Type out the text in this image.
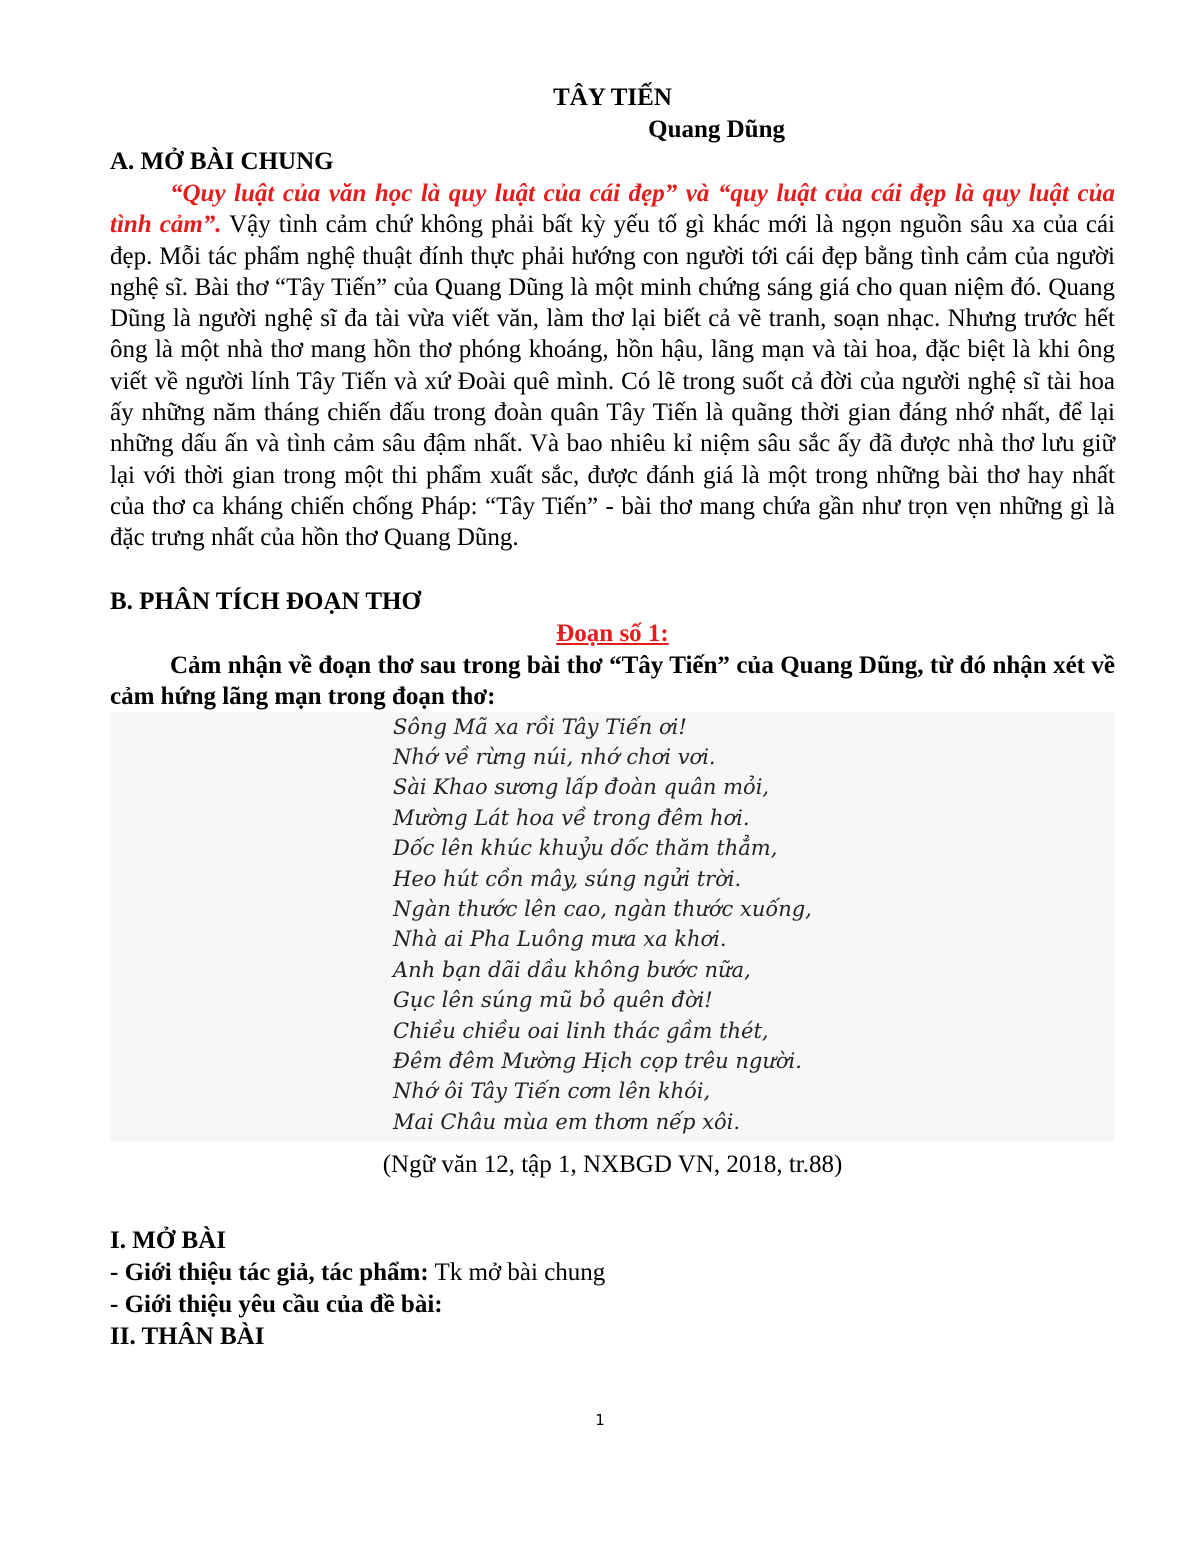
TÂY TIẾN

Quang Dũng

A. MỞ BÀI CHUNG

“Quy luật của văn học là quy luật của cái đẹp” và “quy luật của cái đẹp là quy luật của tình cảm”. Vậy tình cảm chứ không phải bất kỳ yếu tố gì khác mới là ngọn nguồn sâu xa của cái đẹp. Mỗi tác phẩm nghệ thuật đính thực phải hướng con người tới cái đẹp bằng tình cảm của người nghệ sĩ. Bài thơ “Tây Tiến” của Quang Dũng là một minh chứng sáng giá cho quan niệm đó. Quang Dũng là người nghệ sĩ đa tài vừa viết văn, làm thơ lại biết cả vẽ tranh, soạn nhạc. Nhưng trước hết ông là một nhà thơ mang hồn thơ phóng khoáng, hồn hậu, lãng mạn và tài hoa, đặc biệt là khi ông viết về người lính Tây Tiến và xứ Đoài quê mình. Có lẽ trong suốt cả đời của người nghệ sĩ tài hoa ấy những năm tháng chiến đấu trong đoàn quân Tây Tiến là quãng thời gian đáng nhớ nhất, để lại những dấu ấn và tình cảm sâu đậm nhất. Và bao nhiêu kỉ niệm sâu sắc ấy đã được nhà thơ lưu giữ lại với thời gian trong một thi phẩm xuất sắc, được đánh giá là một trong những bài thơ hay nhất của thơ ca kháng chiến chống Pháp: “Tây Tiến” - bài thơ mang chứa gần như trọn vẹn những gì là đặc trưng nhất của hồn thơ Quang Dũng.

B. PHÂN TÍCH ĐOẠN THƠ

Đoạn số 1:

Cảm nhận về đoạn thơ sau trong bài thơ “Tây Tiến” của Quang Dũng, từ đó nhận xét về cảm hứng lãng mạn trong đoạn thơ:

Sông Mã xa rồi Tây Tiến ơi!
Nhớ về rừng núi, nhớ chơi vơi.
Sài Khao sương lấp đoàn quân mỏi,
Mường Lát hoa về trong đêm hơi.
Dốc lên khúc khuỷu dốc thăm thẳm,
Heo hút cồn mây, súng ngửi trời.
Ngàn thước lên cao, ngàn thước xuống,
Nhà ai Pha Luông mưa xa khơi.
Anh bạn dãi dầu không bước nữa,
Gục lên súng mũ bỏ quên đời!
Chiều chiều oai linh thác gầm thét,
Đêm đêm Mường Hịch cọp trêu người.
Nhớ ôi Tây Tiến cơm lên khói,
Mai Châu mùa em thơm nếp xôi.

(Ngữ văn 12, tập 1, NXBGD VN, 2018, tr.88)

I. MỞ BÀI

- Giới thiệu tác giả, tác phẩm: Tk mở bài chung

- Giới thiệu yêu cầu của đề bài:

II. THÂN BÀI

1
